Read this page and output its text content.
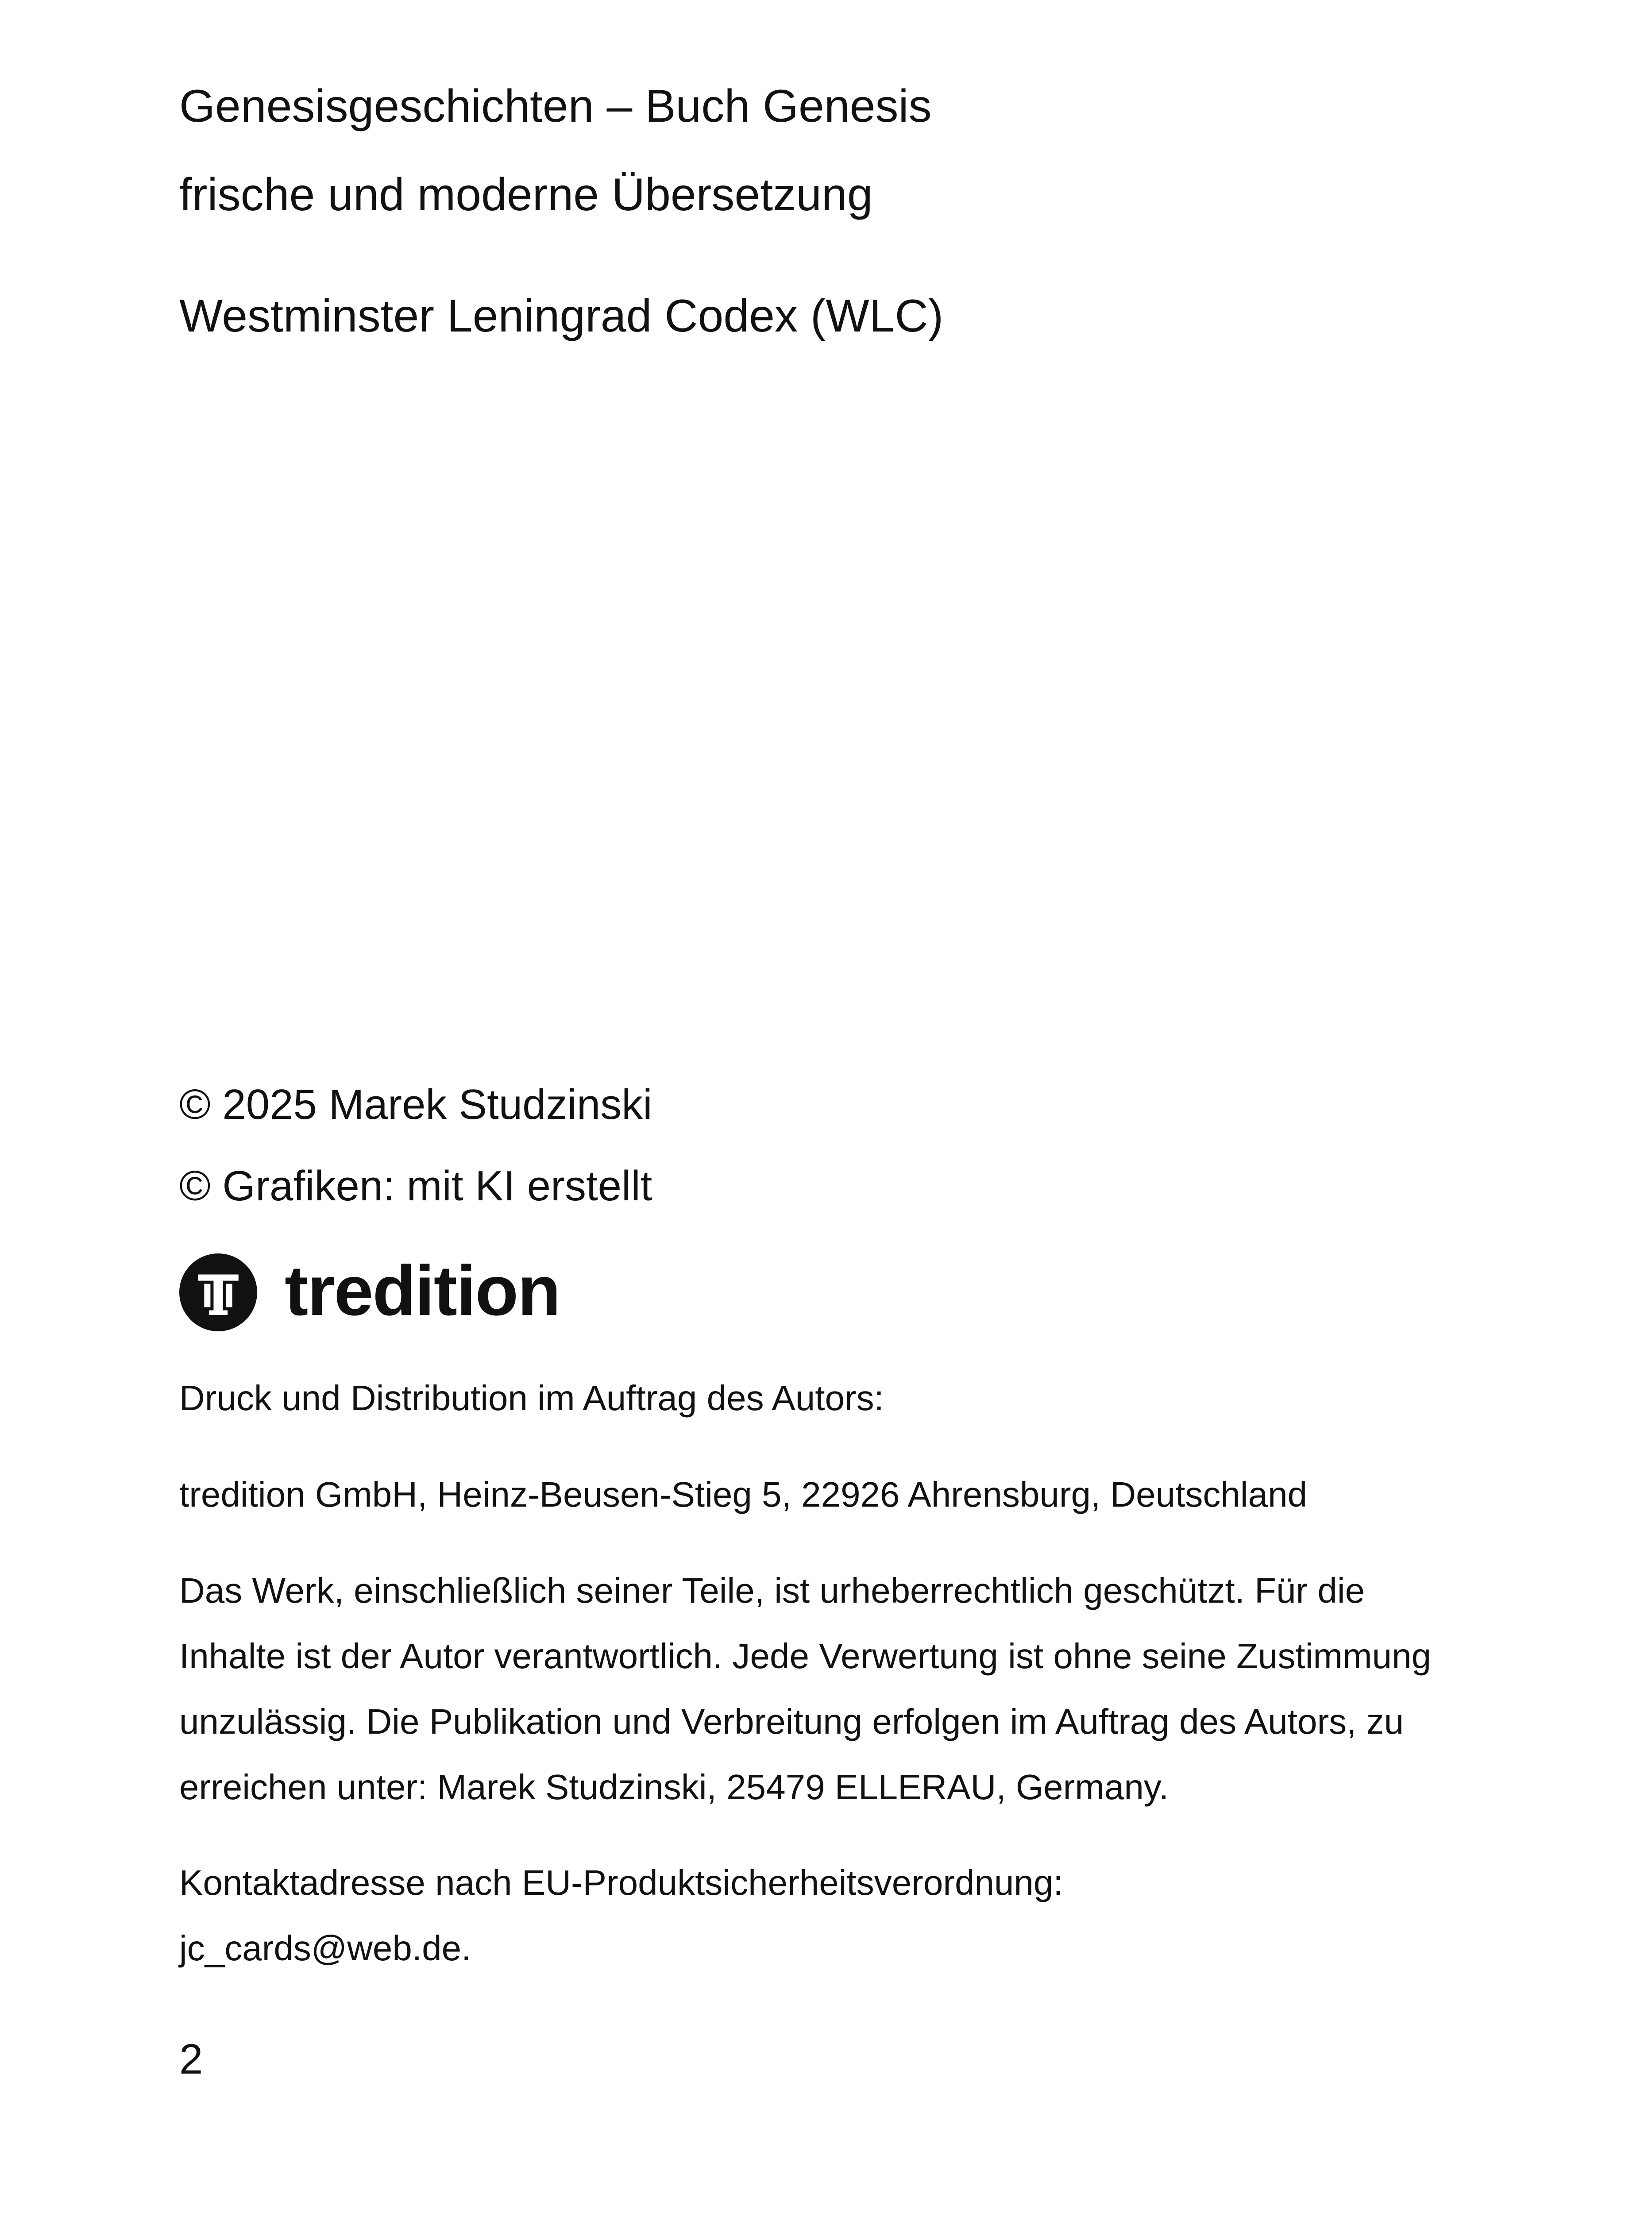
Genesisgeschichten – Buch Genesis
frische und moderne Übersetzung
Westminster Leningrad Codex (WLC)
© 2025 Marek Studzinski
© Grafiken: mit KI erstellt
tredition
Druck und Distribution im Auftrag des Autors:
tredition GmbH, Heinz-Beusen-Stieg 5, 22926 Ahrensburg, Deutschland
Das Werk, einschließlich seiner Teile, ist urheberrechtlich geschützt. Für die
Inhalte ist der Autor verantwortlich. Jede Verwertung ist ohne seine Zustimmung
unzulässig. Die Publikation und Verbreitung erfolgen im Auftrag des Autors, zu
erreichen unter: Marek Studzinski, 25479 ELLERAU, Germany.
Kontaktadresse nach EU-Produktsicherheitsverordnung:
jc_cards@web.de.
2
